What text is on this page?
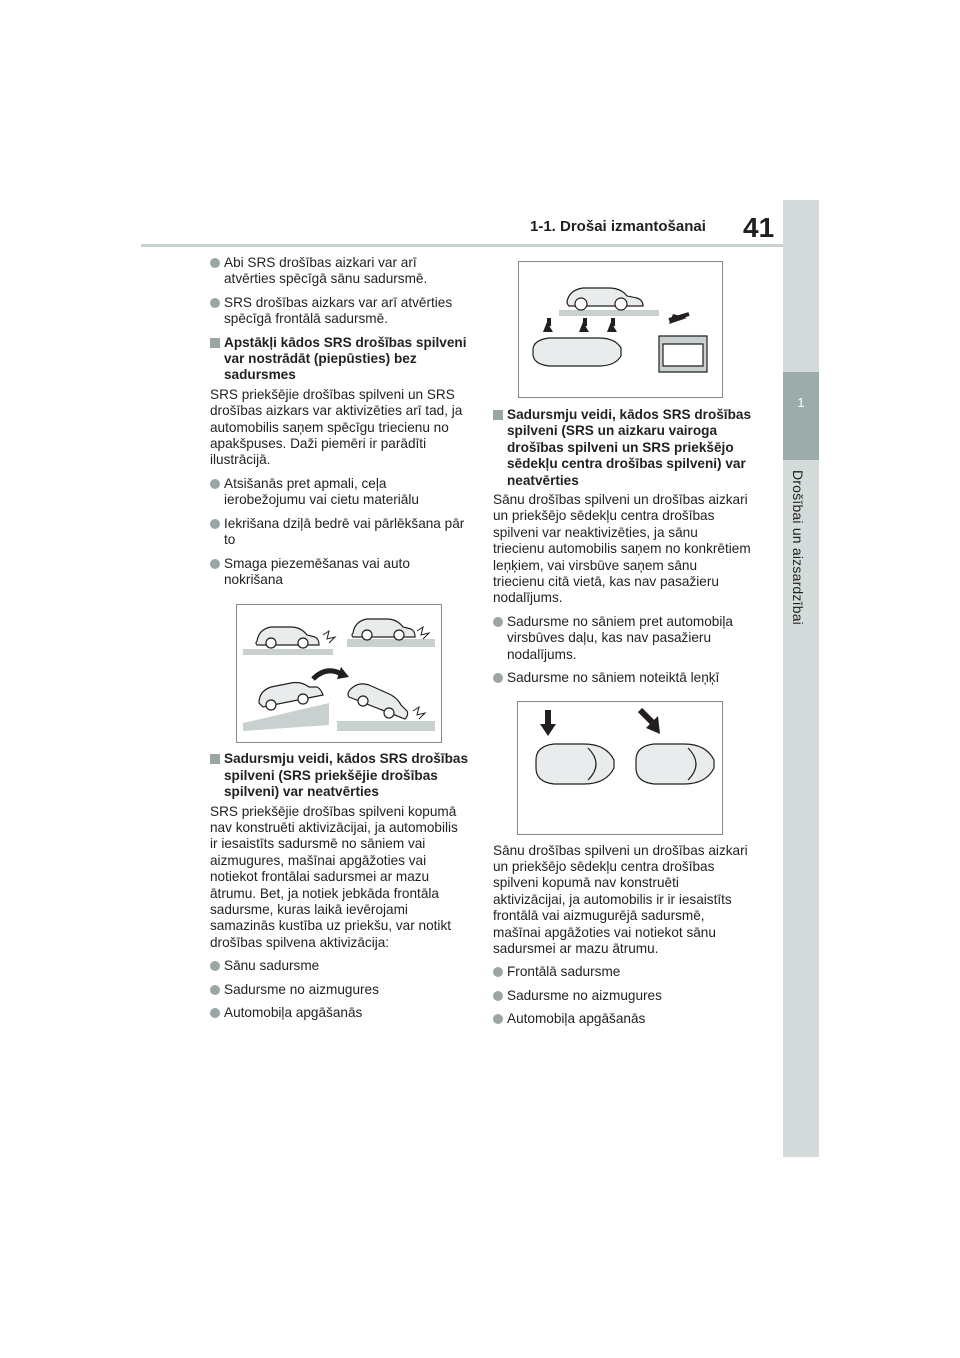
1-1. Drošai izmantošanai 41
1
Drošībai un aizsardzībai
Abi SRS drošības aizkari var arī atvērties spēcīgā sānu sadursmē.
SRS drošības aizkars var arī atvērties spēcīgā frontālā sadursmē.
Apstākļi kādos SRS drošības spilveni var nostrādāt (piepūsties) bez sadursmes
SRS priekšējie drošības spilveni un SRS drošības aizkars var aktivizēties arī tad, ja automobilis saņem spēcīgu triecienu no apakšpuses. Daži piemēri ir parādīti ilustrācijā.
Atsišanās pret apmali, ceļa ierobežojumu vai cietu materiālu
Iekrišana dziļā bedrē vai pārlēkšana pār to
Smaga piezemēšanas vai auto nokrišana
Sadursmju veidi, kādos SRS drošības spilveni (SRS priekšējie drošības spilveni) var neatvērties
SRS priekšējie drošības spilveni kopumā nav konstruēti aktivizācijai, ja automobilis ir iesaistīts sadursmē no sāniem vai aizmugures, mašīnai apgāžoties vai notiekot frontālai sadursmei ar mazu ātrumu. Bet, ja notiek jebkāda frontāla sadursme, kuras laikā ievērojami samazinās kustība uz priekšu, var notikt drošības spilvena aktivizācija:
Sānu sadursme
Sadursme no aizmugures
Automobiļa apgāšanās
Sadursmju veidi, kādos SRS drošības spilveni (SRS un aizkaru vairoga drošības spilveni un SRS priekšējo sēdekļu centra drošības spilveni) var neatvērties
Sānu drošības spilveni un drošības aizkari un priekšējo sēdekļu centra drošības spilveni var neaktivizēties, ja sānu triecienu automobilis saņem no konkrētiem leņķiem, vai virsbūve saņem sānu triecienu citā vietā, kas nav pasažieru nodalījums.
Sadursme no sāniem pret automobiļa virsbūves daļu, kas nav pasažieru nodalījums.
Sadursme no sāniem noteiktā leņķī
Sānu drošības spilveni un drošības aizkari un priekšējo sēdekļu centra drošības spilveni kopumā nav konstruēti aktivizācijai, ja automobilis ir ir iesaistīts frontālā vai aizmugurējā sadursmē, mašīnai apgāžoties vai notiekot sānu sadursmei ar mazu ātrumu.
Frontālā sadursme
Sadursme no aizmugures
Automobiļa apgāšanās
